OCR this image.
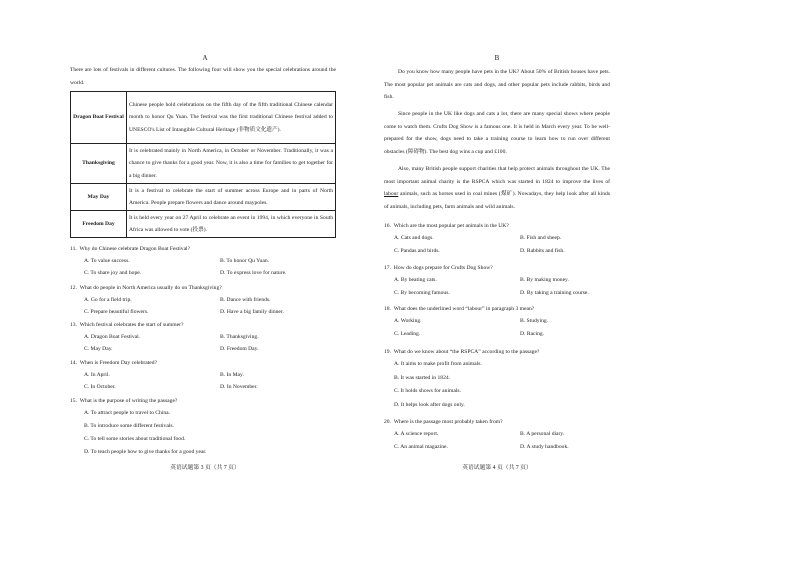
A

There are lots of festivals in different cultures. The following four will show you the special celebrations around the world.

Dragon Boat Festival	Chinese people hold celebrations on the fifth day of the fifth traditional Chinese calendar month to honor Qu Yuan. The festival was the first traditional Chinese festival added to UNESCO's List of Intangible Cultural Heritage (非物质文化遗产).
Thanksgiving	It is celebrated mainly in North America, in October or November. Traditionally, it was a chance to give thanks for a good year. Now, it is also a time for families to get together for a big dinner.
May Day	It is a festival to celebrate the start of summer across Europe and in parts of North America. People prepare flowers and dance around maypoles.
Freedom Day	It is held every year on 27 April to celebrate an event in 1994, in which everyone in South Africa was allowed to vote (投票).
11. Why do Chinese celebrate Dragon Boat Festival?
A. To value success.	B. To honor Qu Yuan.
C. To share joy and hope.	D. To express love for nature.
12. What do people in North America usually do on Thanksgiving?
A. Go for a field trip.	B. Dance with friends.
C. Prepare beautiful flowers.	D. Have a big family dinner.
13. Which festival celebrates the start of summer?
A. Dragon Boat Festival.	B. Thanksgiving.
C. May Day.	D. Freedom Day.
14. When is Freedom Day celebrated?
A. In April.	B. In May.
C. In October.	D. In November.
15. What is the purpose of writing the passage?
A. To attract people to travel to China.
B. To introduce some different festivals.
C. To tell some stories about traditional food.
D. To teach people how to give thanks for a good year.
英语试题第 3 页（共 7 页）
B

Do you know how many people have pets in the UK? About 50% of British houses have pets. The most popular pet animals are cats and dogs, and other popular pets include rabbits, birds and fish.

Since people in the UK like dogs and cats a lot, there are many special shows where people come to watch them. Crufts Dog Show is a famous one. It is held in March every year. To be well-prepared for the show, dogs need to take a training course to learn how to run over different obstacles (障碍物). The best dog wins a cup and £100.

Also, many British people support charities that help protect animals throughout the UK. The most important animal charity is the RSPCA which was started in 1824 to improve the lives of labour animals, such as horses used in coal mines (煤矿). Nowadays, they help look after all kinds of animals, including pets, farm animals and wild animals.

16. Which are the most popular pet animals in the UK?
A. Cats and dogs.	B. Fish and sheep.
C. Pandas and birds.	D. Rabbits and fish.
17. How do dogs prepare for Crufts Dog Show?
A. By beating cats.	B. By making money.
C. By becoming famous.	D. By taking a training course.
18. What does the underlined word “labour” in paragraph 3 mean?
A. Working.	B. Studying.
C. Leading.	D. Racing.
19. What do we know about “the RSPCA” according to the passage?
A. It aims to make profit from animals.
B. It was started in 1824.
C. It holds shows for animals.
D. It helps look after dogs only.
20. Where is the passage most probably taken from?
A. A science report.	B. A personal diary.
C. An animal magazine.	D. A study handbook.
英语试题第 4 页（共 7 页）
